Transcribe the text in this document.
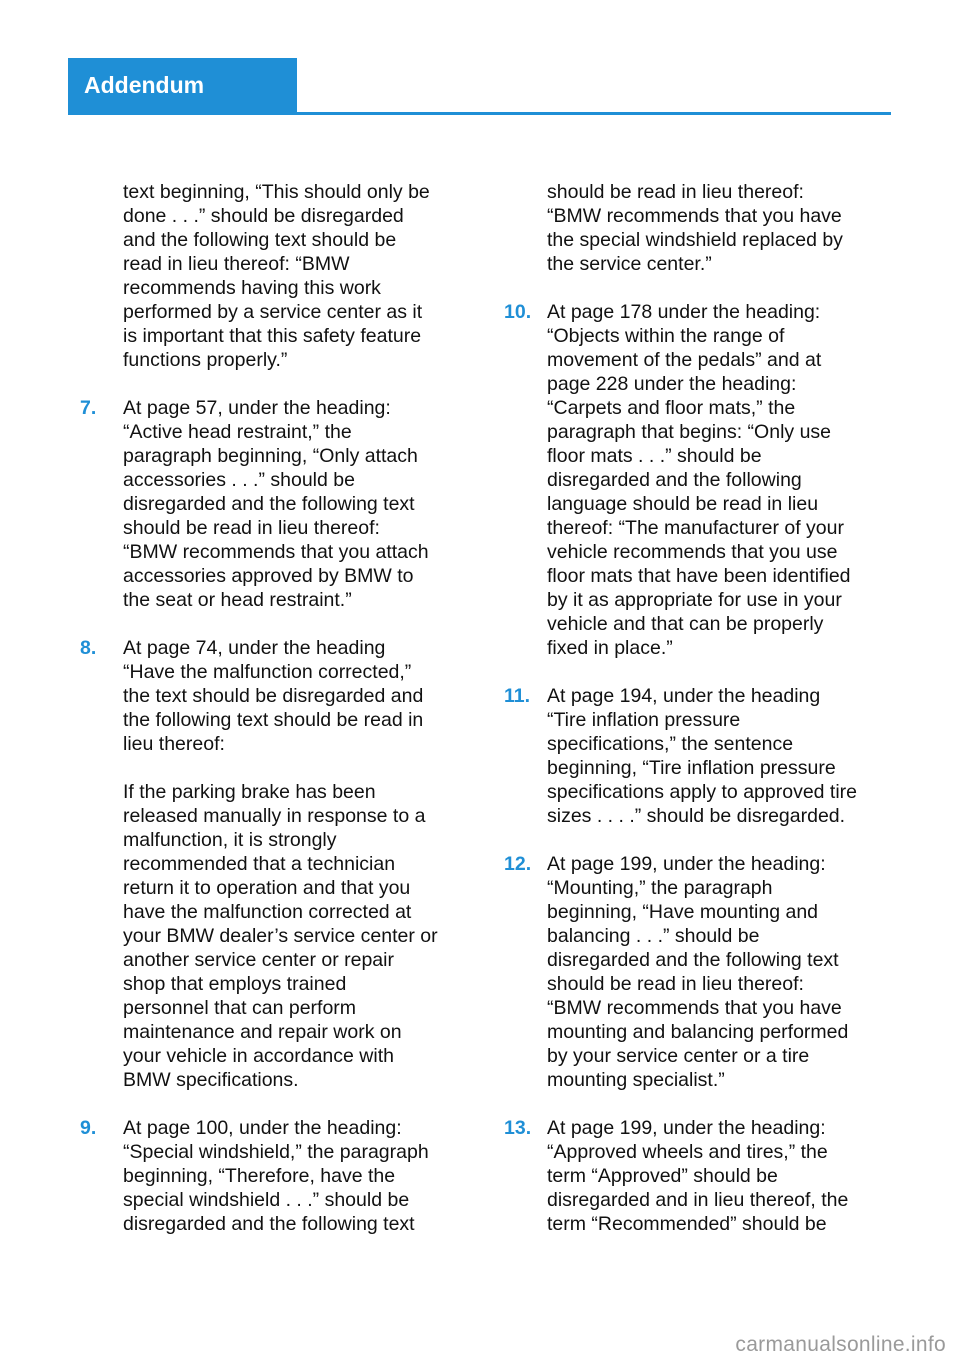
Addendum
text beginning, “This should only be
done . . .” should be disregarded
and the following text should be
read in lieu thereof: “BMW
recommends having this work
performed by a service center as it
is important that this safety feature
functions properly.”
7. At page 57, under the heading:
“Active head restraint,” the
paragraph beginning, “Only attach
accessories . . .” should be
disregarded and the following text
should be read in lieu thereof:
“BMW recommends that you attach
accessories approved by BMW to
the seat or head restraint.”
8. At page 74, under the heading
“Have the malfunction corrected,”
the text should be disregarded and
the following text should be read in
lieu thereof:
If the parking brake has been
released manually in response to a
malfunction, it is strongly
recommended that a technician
return it to operation and that you
have the malfunction corrected at
your BMW dealer’s service center or
another service center or repair
shop that employs trained
personnel that can perform
maintenance and repair work on
your vehicle in accordance with
BMW specifications.
9. At page 100, under the heading:
“Special windshield,” the paragraph
beginning, “Therefore, have the
special windshield . . .” should be
disregarded and the following text
should be read in lieu thereof:
“BMW recommends that you have
the special windshield replaced by
the service center.”
10. At page 178 under the heading:
“Objects within the range of
movement of the pedals” and at
page 228 under the heading:
“Carpets and floor mats,” the
paragraph that begins: “Only use
floor mats . . .” should be
disregarded and the following
language should be read in lieu
thereof: “The manufacturer of your
vehicle recommends that you use
floor mats that have been identified
by it as appropriate for use in your
vehicle and that can be properly
fixed in place.”
11. At page 194, under the heading
“Tire inflation pressure
specifications,” the sentence
beginning, “Tire inflation pressure
specifications apply to approved tire
sizes . . . .” should be disregarded.
12. At page 199, under the heading:
“Mounting,” the paragraph
beginning, “Have mounting and
balancing . . .” should be
disregarded and the following text
should be read in lieu thereof:
“BMW recommends that you have
mounting and balancing performed
by your service center or a tire
mounting specialist.”
13. At page 199, under the heading:
“Approved wheels and tires,” the
term “Approved” should be
disregarded and in lieu thereof, the
term “Recommended” should be
carmanualsonline.info
